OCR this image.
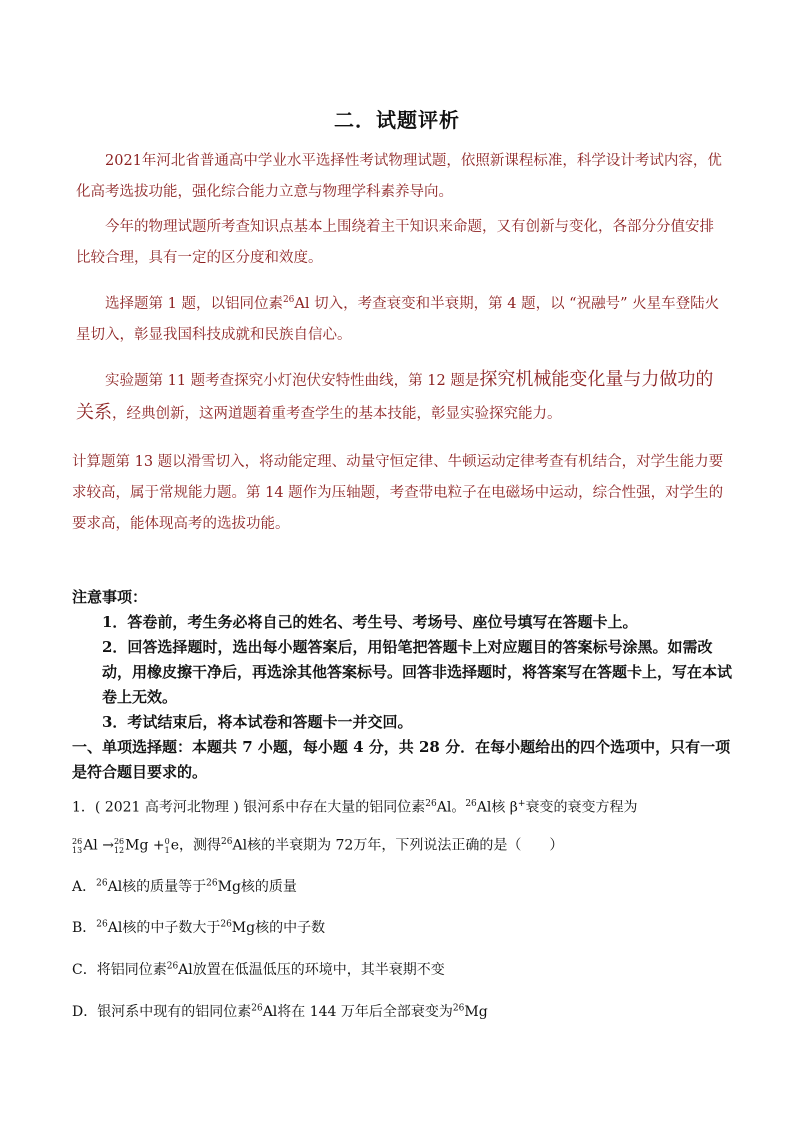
二．试题评析

2021年河北省普通高中学业水平选择性考试物理试题，依照新课程标准，科学设计考试内容，优化高考选拔功能，强化综合能力立意与物理学科素养导向。

今年的物理试题所考查知识点基本上围绕着主干知识来命题，又有创新与变化，各部分分值安排比较合理，具有一定的区分度和效度。

选择题第 1 题，以铝同位素$^{26}$Al 切入，考查衰变和半衰期，第 4 题，以 “祝融号” 火星车登陆火星切入，彰显我国科技成就和民族自信心。

实验题第 11 题考查探究小灯泡伏安特性曲线，第 12 题是探究机械能变化量与力做功的关系，经典创新，这两道题着重考查学生的基本技能，彰显实验探究能力。

计算题第 13 题以滑雪切入，将动能定理、动量守恒定律、牛顿运动定律考查有机结合，对学生能力要求较高，属于常规能力题。第 14 题作为压轴题，考查带电粒子在电磁场中运动，综合性强，对学生的要求高，能体现高考的选拔功能。

注意事项：

1．答卷前，考生务必将自己的姓名、考生号、考场号、座位号填写在答题卡上。

2．回答选择题时，选出每小题答案后，用铅笔把答题卡上对应题目的答案标号涂黑。如需改动，用橡皮擦干净后，再选涂其他答案标号。回答非选择题时，将答案写在答题卡上，写在本试卷上无效。

3．考试结束后，将本试卷和答题卡一并交回。

一、单项选择题：本题共 7 小题，每小题 4 分，共 28 分．在每小题给出的四个选项中，只有一项是符合题目要求的。

1．( 2021 高考河北物理 ) 银河系中存在大量的铝同位素$^{26}$Al。$^{26}$Al核 β+衰变的衰变方程为
26
13 Al → 26
12 Mg + 0
1 e，测得$^{26}$Al核的半衰期为 72万年，下列说法正确的是（　　）
A．$^{26}$Al核的质量等于$^{26}$Mg核的质量
B．$^{26}$Al核的中子数大于$^{26}$Mg核的中子数
C．将铝同位素$^{26}$Al放置在低温低压的环境中，其半衰期不变
D．银河系中现有的铝同位素$^{26}$Al将在 144 万年后全部衰变为$^{26}$Mg
